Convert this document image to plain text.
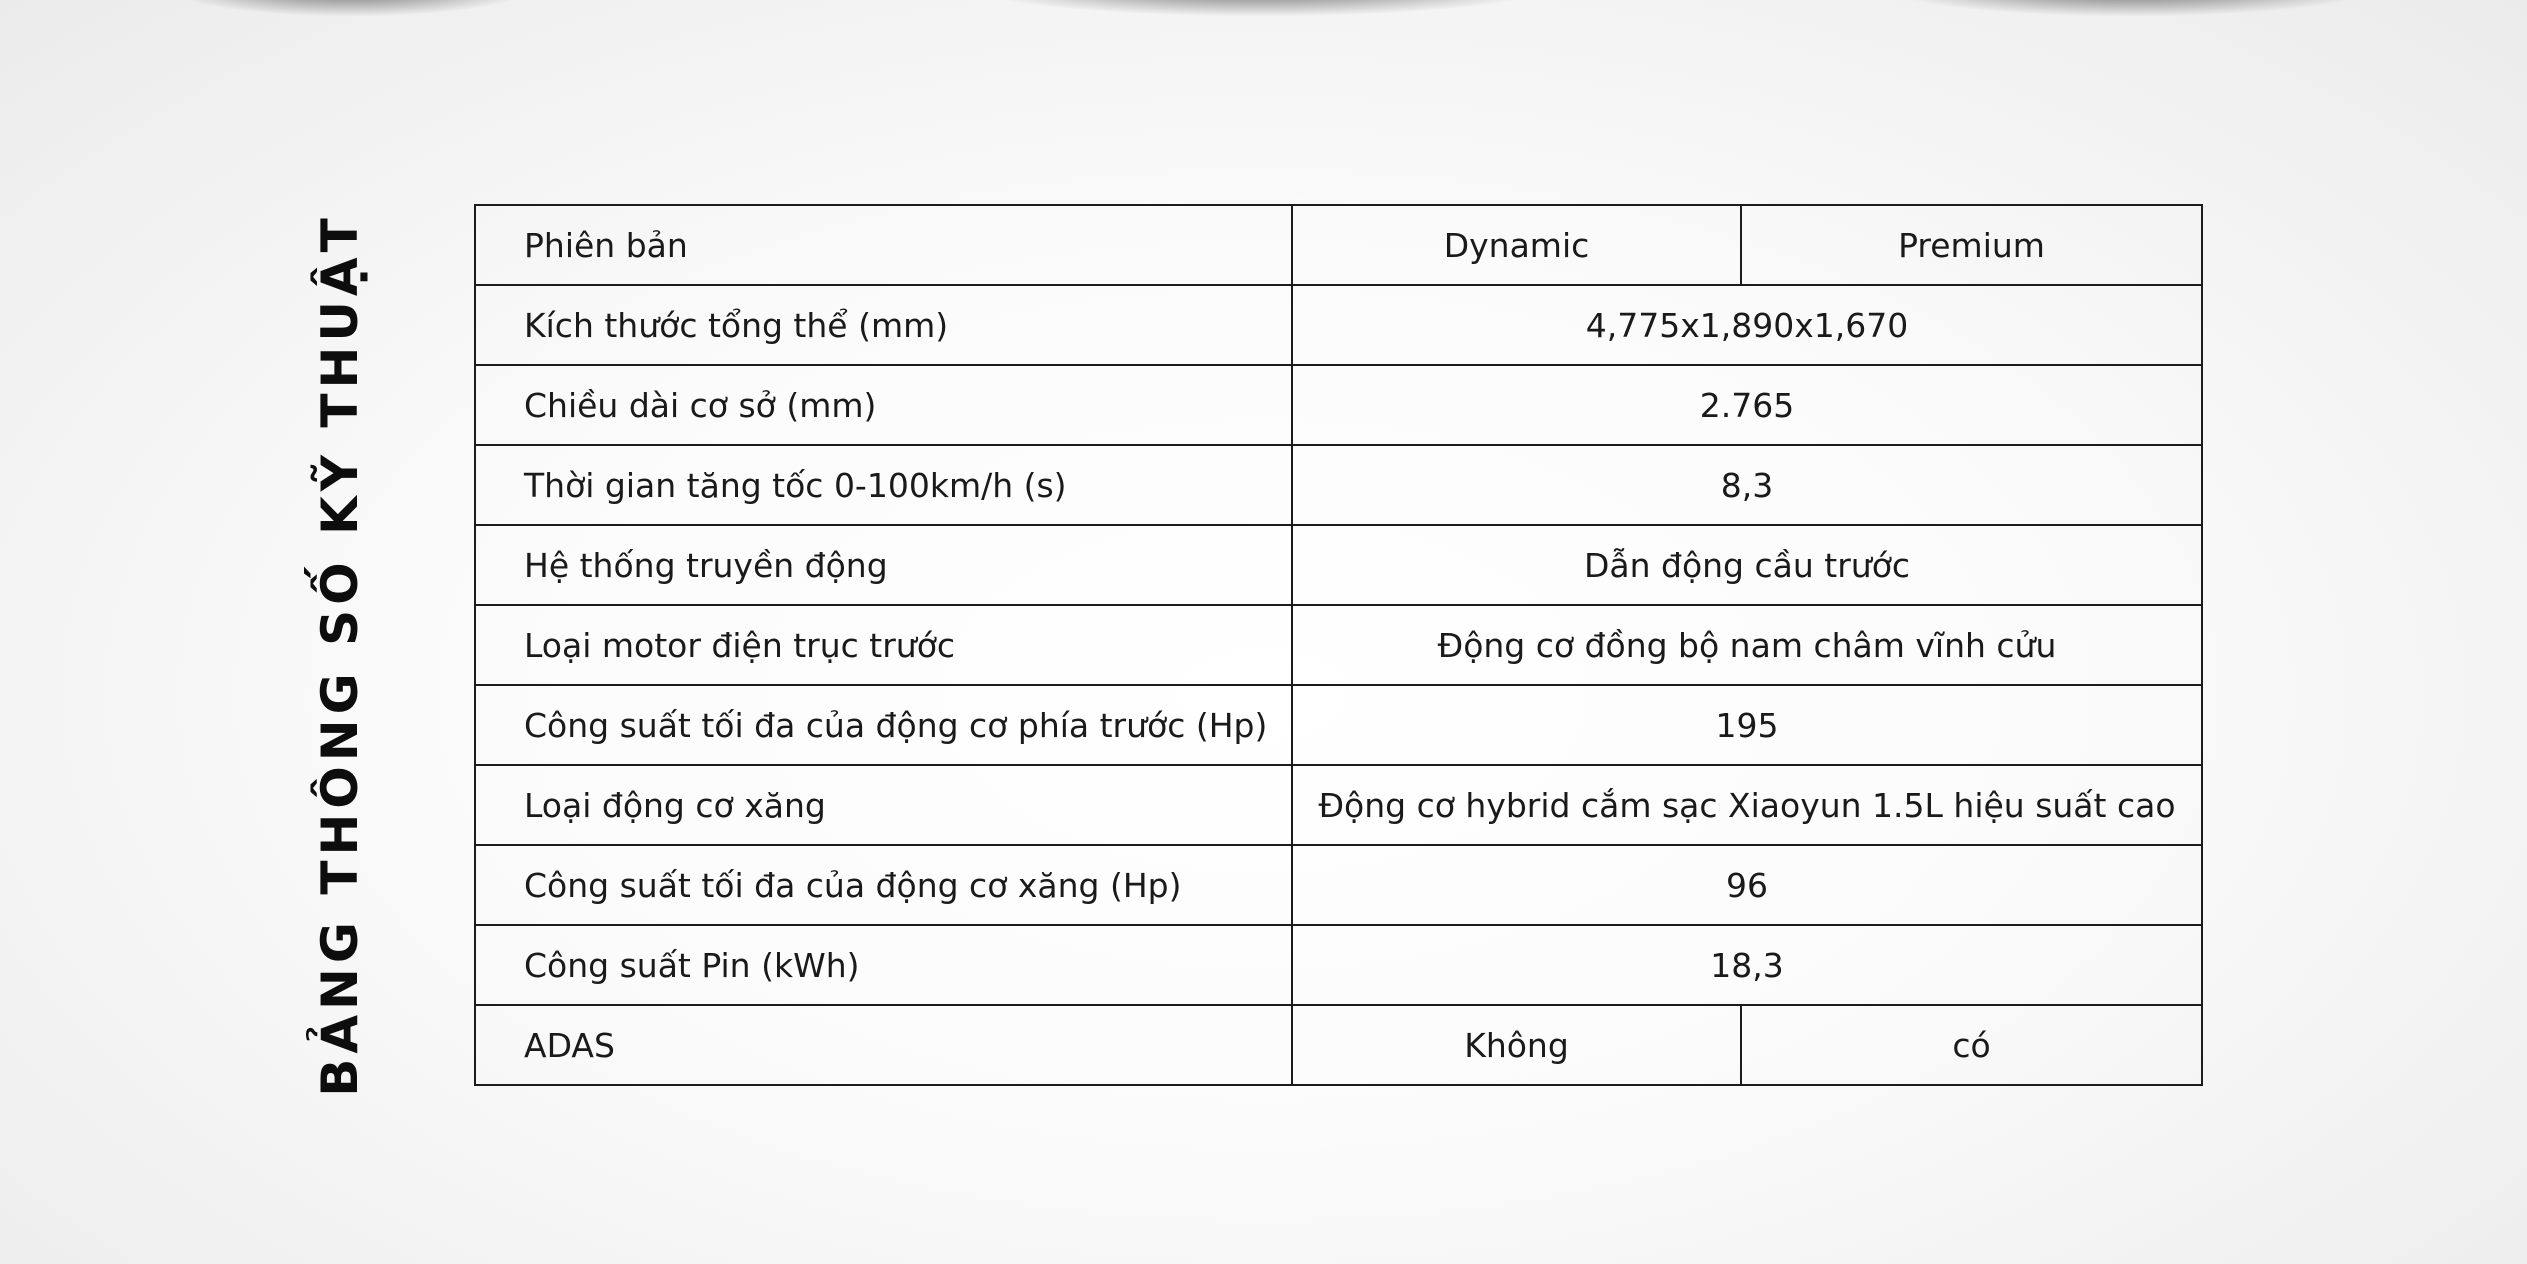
BẢNG THÔNG SỐ KỸ THUẬT	Phiên bản	Dynamic	Premium
Kích thước tổng thể (mm)	4,775x1,890x1,670	
Chiều dài cơ sở (mm)	2.765	
Thời gian tăng tốc 0-100km/h (s)	8,3	
Hệ thống truyền động	Dẫn động cầu trước	
Loại motor điện trục trước	Động cơ đồng bộ nam châm vĩnh cửu	
Công suất tối đa của động cơ phía trước (Hp)	195	
Loại động cơ xăng	Động cơ hybrid cắm sạc Xiaoyun 1.5L hiệu suất cao	
Công suất tối đa của động cơ xăng (Hp)	96	
Công suất Pin (kWh)	18,3	
ADAS	Không	có
